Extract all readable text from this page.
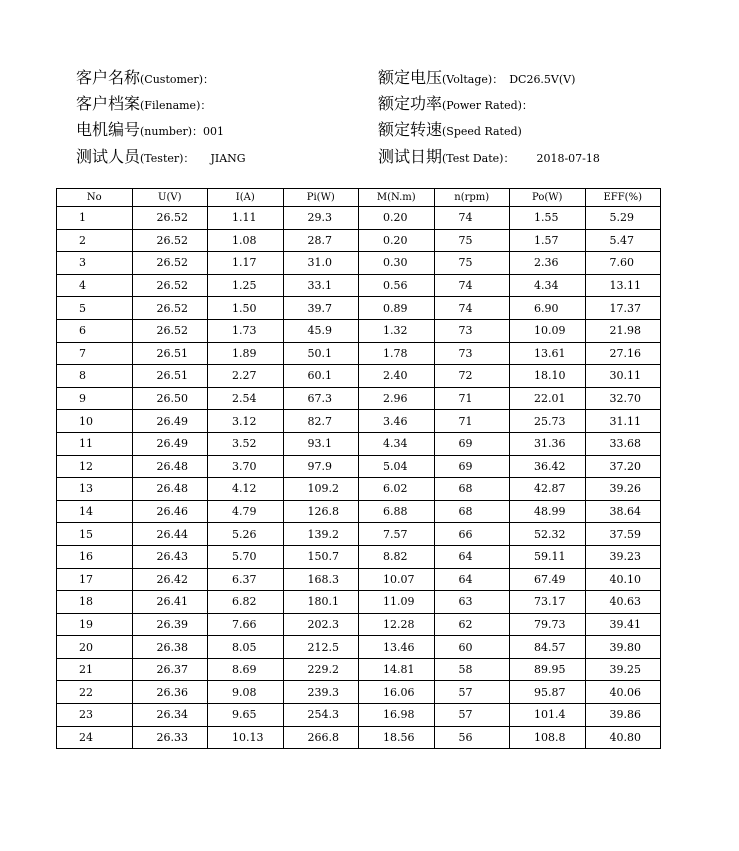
客户名称(Customer)：
客户档案(Filename)：
电机编号(number)：001
测试人员(Tester)： JIANG
额定电压(Voltage)： DC26.5V(V)
额定功率(Power Rated)：
额定转速(Speed Rated)
测试日期(Test Date)： 2018-07-18
No	U(V)	I(A)	Pi(W)	M(N.m)	n(rpm)	Po(W)	EFF(%)
1	26.52	1.11	29.3	0.20	74	1.55	5.29
2	26.52	1.08	28.7	0.20	75	1.57	5.47
3	26.52	1.17	31.0	0.30	75	2.36	7.60
4	26.52	1.25	33.1	0.56	74	4.34	13.11
5	26.52	1.50	39.7	0.89	74	6.90	17.37
6	26.52	1.73	45.9	1.32	73	10.09	21.98
7	26.51	1.89	50.1	1.78	73	13.61	27.16
8	26.51	2.27	60.1	2.40	72	18.10	30.11
9	26.50	2.54	67.3	2.96	71	22.01	32.70
10	26.49	3.12	82.7	3.46	71	25.73	31.11
11	26.49	3.52	93.1	4.34	69	31.36	33.68
12	26.48	3.70	97.9	5.04	69	36.42	37.20
13	26.48	4.12	109.2	6.02	68	42.87	39.26
14	26.46	4.79	126.8	6.88	68	48.99	38.64
15	26.44	5.26	139.2	7.57	66	52.32	37.59
16	26.43	5.70	150.7	8.82	64	59.11	39.23
17	26.42	6.37	168.3	10.07	64	67.49	40.10
18	26.41	6.82	180.1	11.09	63	73.17	40.63
19	26.39	7.66	202.3	12.28	62	79.73	39.41
20	26.38	8.05	212.5	13.46	60	84.57	39.80
21	26.37	8.69	229.2	14.81	58	89.95	39.25
22	26.36	9.08	239.3	16.06	57	95.87	40.06
23	26.34	9.65	254.3	16.98	57	101.4	39.86
24	26.33	10.13	266.8	18.56	56	108.8	40.80
